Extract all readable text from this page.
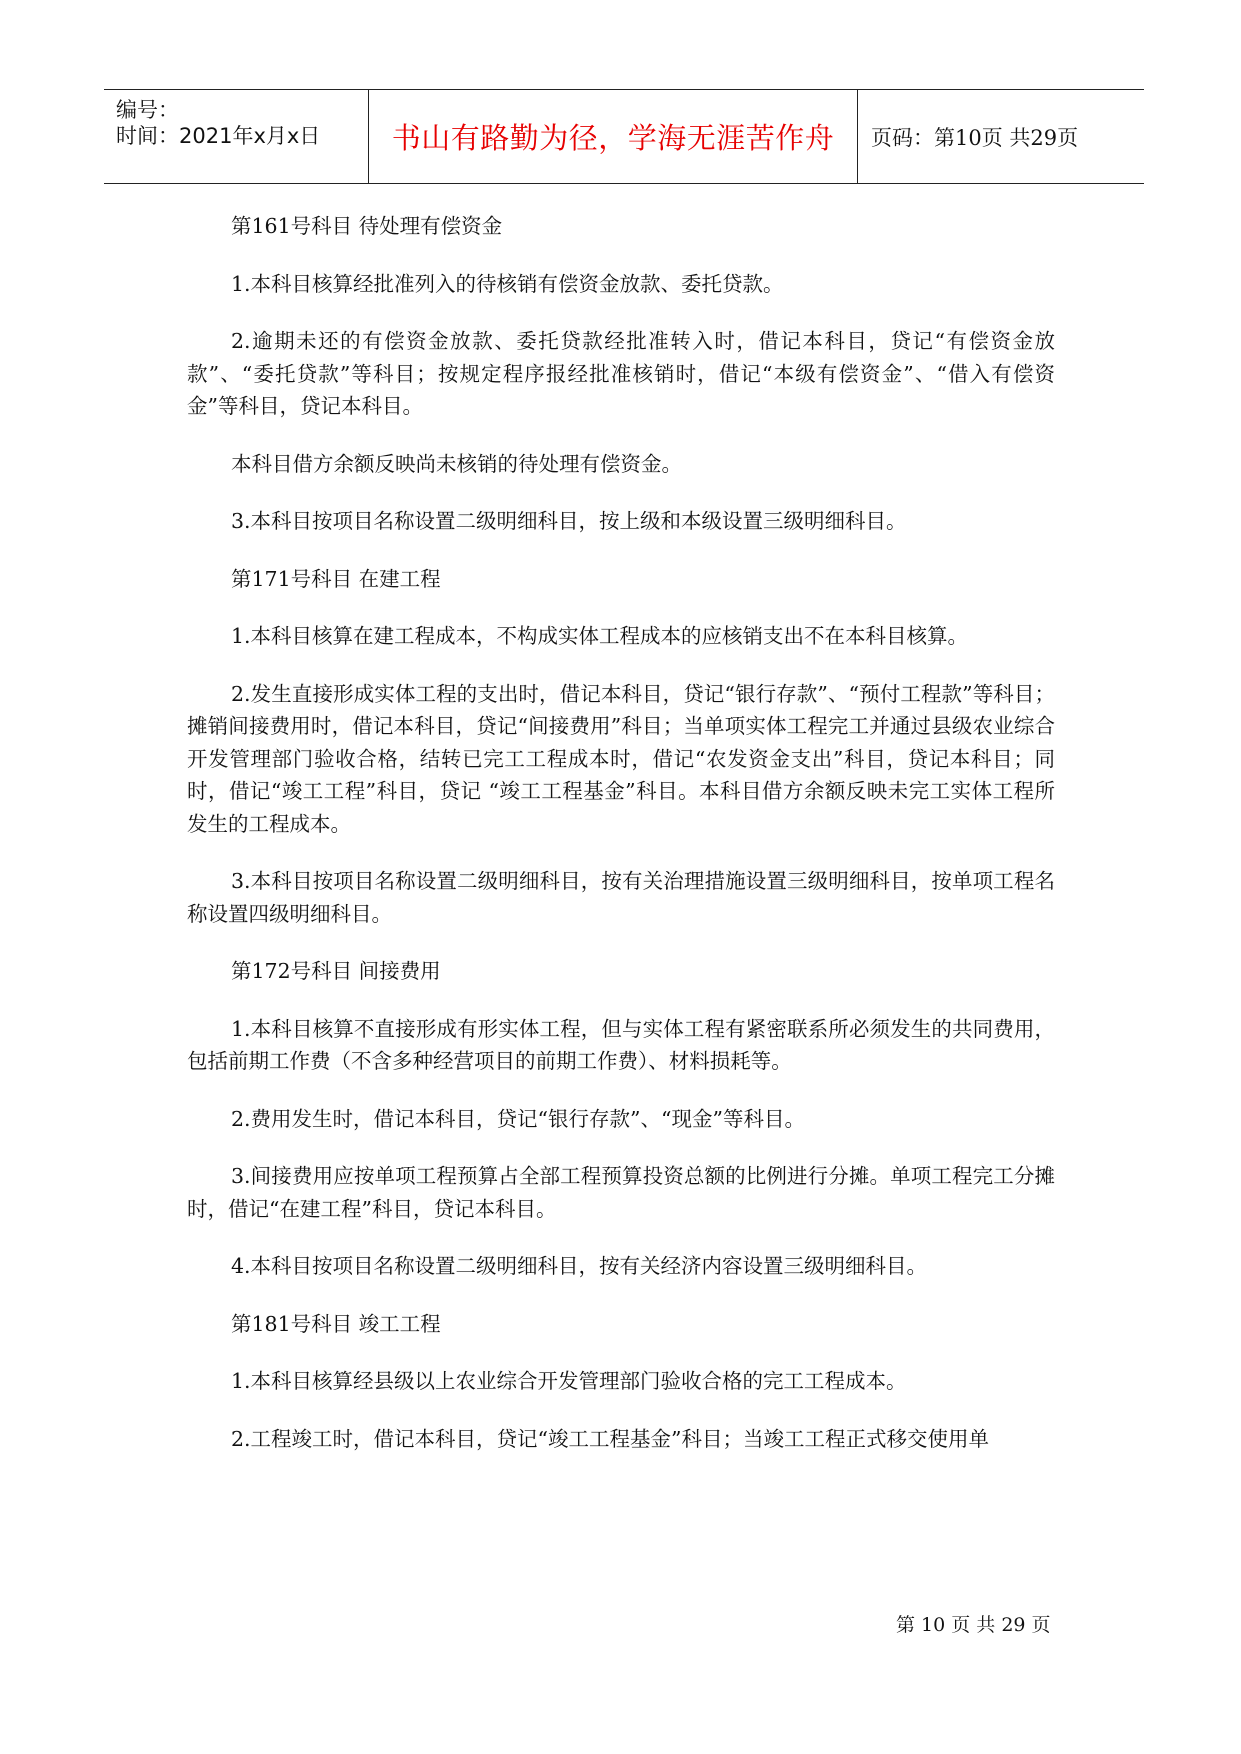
编号：
时间：2021年x月x日 书山有路勤为径，学海无涯苦作舟 页码：第10页 共29页

第161号科目 待处理有偿资金

1.本科目核算经批准列入的待核销有偿资金放款、委托贷款。

2.逾期未还的有偿资金放款、委托贷款经批准转入时，借记本科目，贷记“有偿资金放款”、“委托贷款”等科目；按规定程序报经批准核销时，借记“本级有偿资金”、“借入有偿资金”等科目，贷记本科目。

本科目借方余额反映尚未核销的待处理有偿资金。

3.本科目按项目名称设置二级明细科目，按上级和本级设置三级明细科目。

第171号科目 在建工程

1.本科目核算在建工程成本，不构成实体工程成本的应核销支出不在本科目核算。

2.发生直接形成实体工程的支出时，借记本科目，贷记“银行存款”、“预付工程款”等科目；摊销间接费用时，借记本科目，贷记“间接费用”科目；当单项实体工程完工并通过县级农业综合开发管理部门验收合格，结转已完工工程成本时，借记“农发资金支出”科目，贷记本科目；同时，借记“竣工工程”科目，贷记 “竣工工程基金”科目。本科目借方余额反映未完工实体工程所发生的工程成本。

3.本科目按项目名称设置二级明细科目，按有关治理措施设置三级明细科目，按单项工程名称设置四级明细科目。

第172号科目 间接费用

1.本科目核算不直接形成有形实体工程，但与实体工程有紧密联系所必须发生的共同费用，包括前期工作费（不含多种经营项目的前期工作费）、材料损耗等。

2.费用发生时，借记本科目，贷记“银行存款”、“现金”等科目。

3.间接费用应按单项工程预算占全部工程预算投资总额的比例进行分摊。单项工程完工分摊时，借记“在建工程”科目，贷记本科目。

4.本科目按项目名称设置二级明细科目，按有关经济内容设置三级明细科目。

第181号科目 竣工工程

1.本科目核算经县级以上农业综合开发管理部门验收合格的完工工程成本。

2.工程竣工时，借记本科目，贷记“竣工工程基金”科目；当竣工工程正式移交使用单

第 10 页 共 29 页
